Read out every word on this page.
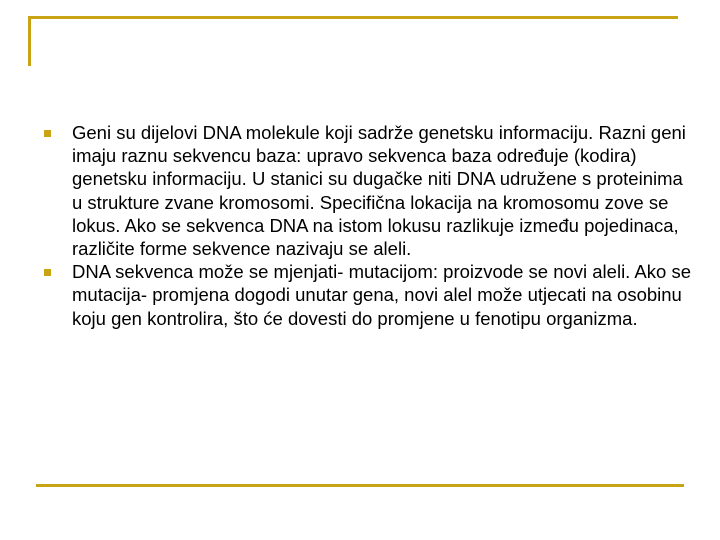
Geni su dijelovi DNA molekule koji sadrže genetsku informaciju. Razni geni imaju raznu sekvencu baza: upravo sekvenca baza određuje (kodira) genetsku informaciju. U stanici su dugačke niti DNA udružene s proteinima u strukture zvane kromosomi. Specifična lokacija na kromosomu zove se lokus. Ako se sekvenca DNA na istom lokusu razlikuje između pojedinaca, različite forme sekvence nazivaju se aleli.
DNA sekvenca može se mjenjati- mutacijom: proizvode se novi aleli. Ako se mutacija- promjena dogodi unutar gena, novi alel može utjecati na osobinu koju gen kontrolira, što će dovesti do promjene u fenotipu organizma.
